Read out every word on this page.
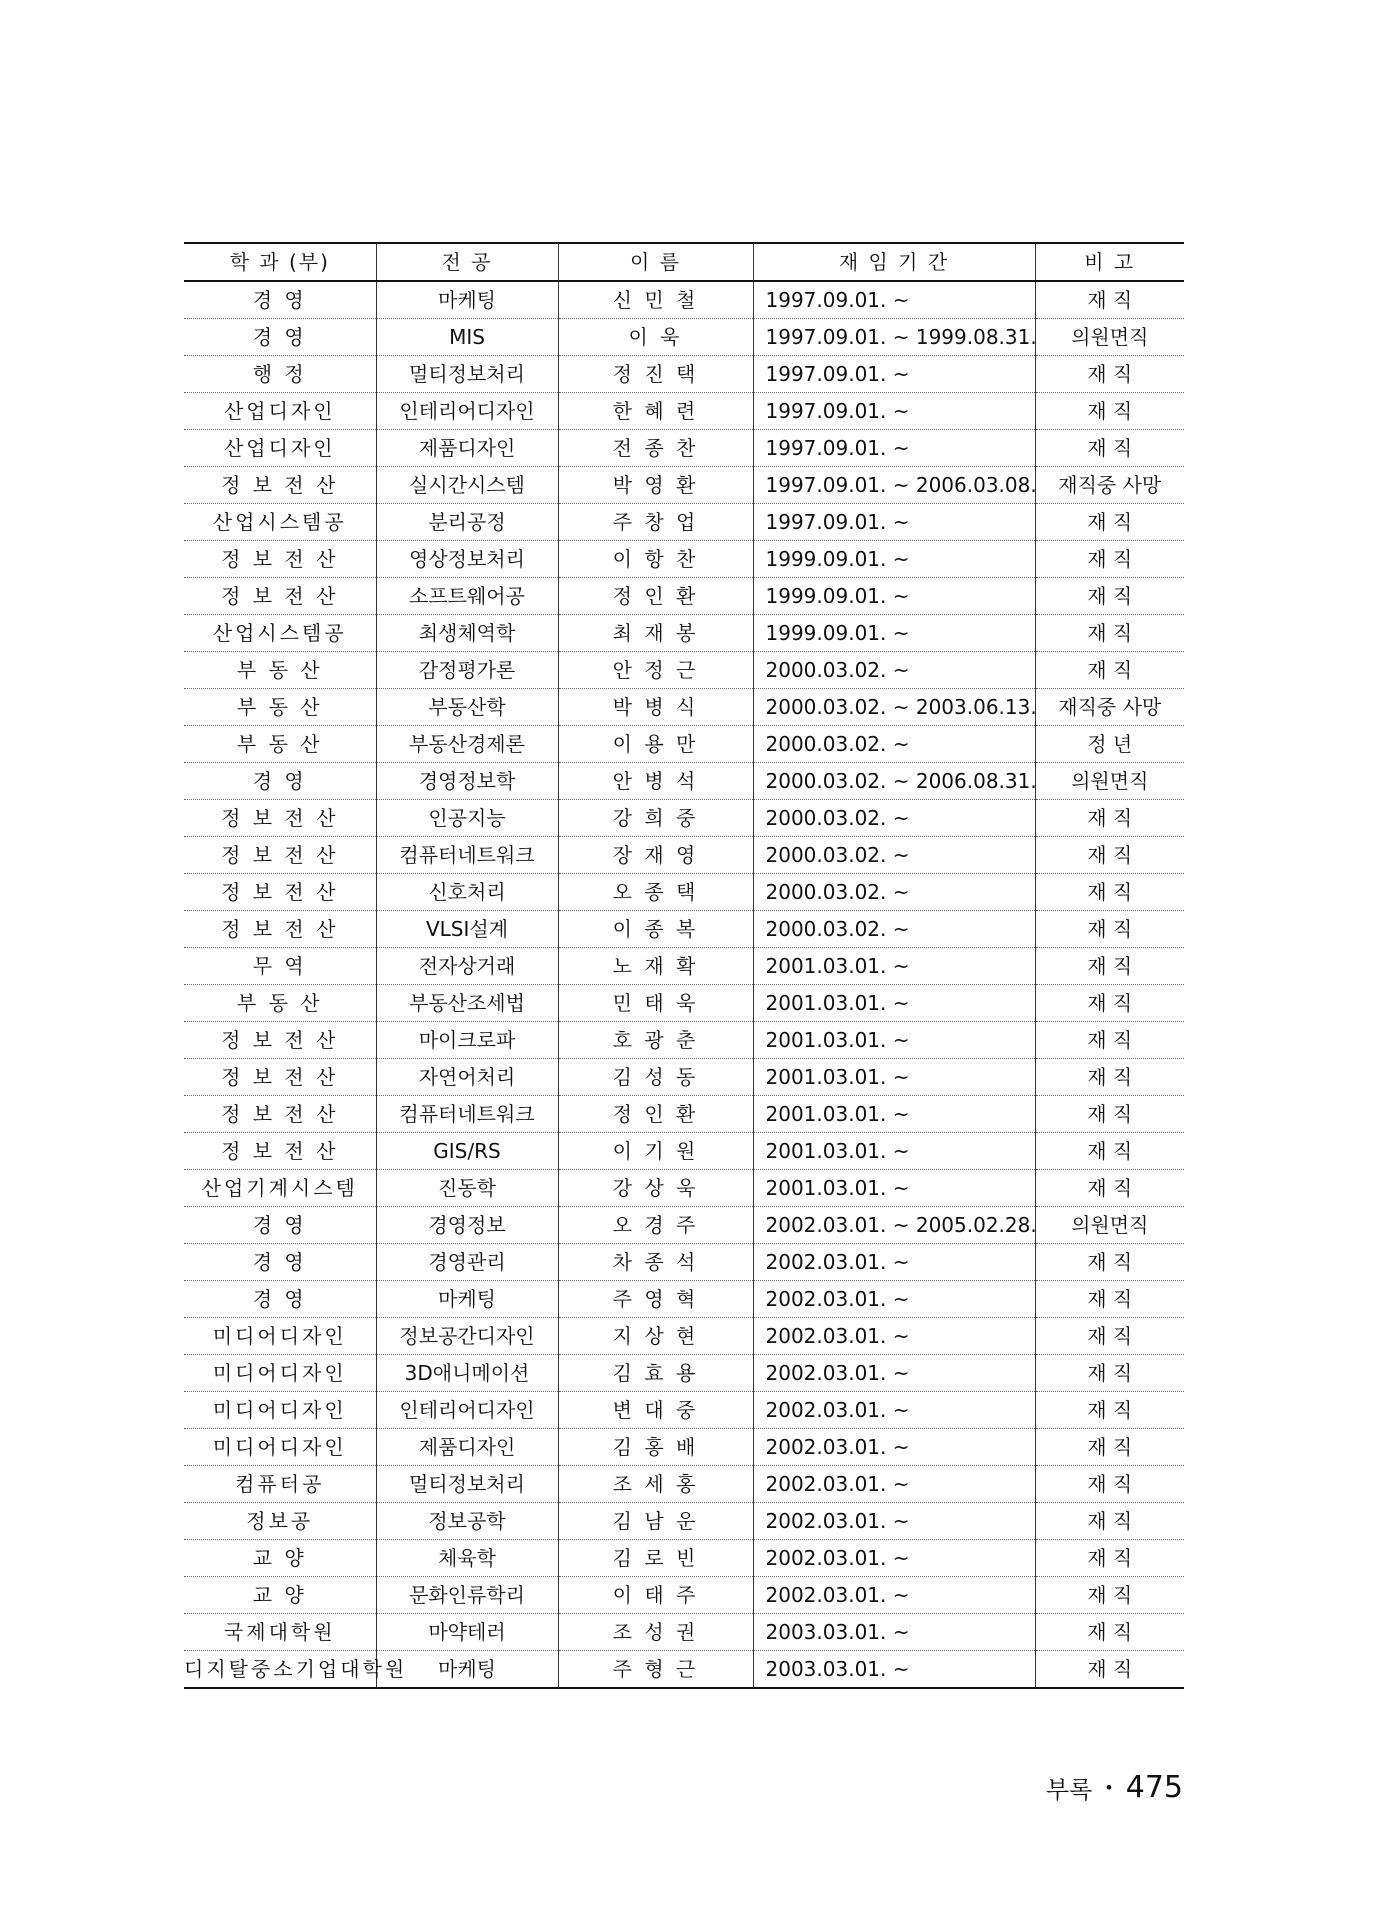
학 과 (부)	전 공	이 름	재 임 기 간	비 고
경 영	마케팅	신 민 철	1997.09.01. ~	재 직
경 영	MIS	이 욱	1997.09.01. ~ 1999.08.31.	의원면직
행 정	멀티정보처리	정 진 택	1997.09.01. ~	재 직
산업디자인	인테리어디자인	한 혜 련	1997.09.01. ~	재 직
산업디자인	제품디자인	전 종 찬	1997.09.01. ~	재 직
정 보 전 산	실시간시스템	박 영 환	1997.09.01. ~ 2006.03.08.	재직중 사망
산업시스템공	분리공정	주 창 업	1997.09.01. ~	재 직
정 보 전 산	영상정보처리	이 항 찬	1999.09.01. ~	재 직
정 보 전 산	소프트웨어공	정 인 환	1999.09.01. ~	재 직
산업시스템공	최생체역학	최 재 봉	1999.09.01. ~	재 직
부 동 산	감정평가론	안 정 근	2000.03.02. ~	재 직
부 동 산	부동산학	박 병 식	2000.03.02. ~ 2003.06.13.	재직중 사망
부 동 산	부동산경제론	이 용 만	2000.03.02. ~	정 년
경 영	경영정보학	안 병 석	2000.03.02. ~ 2006.08.31.	의원면직
정 보 전 산	인공지능	강 희 중	2000.03.02. ~	재 직
정 보 전 산	컴퓨터네트워크	장 재 영	2000.03.02. ~	재 직
정 보 전 산	신호처리	오 종 택	2000.03.02. ~	재 직
정 보 전 산	VLSI설계	이 종 복	2000.03.02. ~	재 직
무 역	전자상거래	노 재 확	2001.03.01. ~	재 직
부 동 산	부동산조세법	민 태 욱	2001.03.01. ~	재 직
정 보 전 산	마이크로파	호 광 춘	2001.03.01. ~	재 직
정 보 전 산	자연어처리	김 성 동	2001.03.01. ~	재 직
정 보 전 산	컴퓨터네트워크	정 인 환	2001.03.01. ~	재 직
정 보 전 산	GIS/RS	이 기 원	2001.03.01. ~	재 직
산업기계시스템	진동학	강 상 욱	2001.03.01. ~	재 직
경 영	경영정보	오 경 주	2002.03.01. ~ 2005.02.28.	의원면직
경 영	경영관리	차 종 석	2002.03.01. ~	재 직
경 영	마케팅	주 영 혁	2002.03.01. ~	재 직
미디어디자인	정보공간디자인	지 상 현	2002.03.01. ~	재 직
미디어디자인	3D애니메이션	김 효 용	2002.03.01. ~	재 직
미디어디자인	인테리어디자인	변 대 중	2002.03.01. ~	재 직
미디어디자인	제품디자인	김 홍 배	2002.03.01. ~	재 직
컴퓨터공	멀티정보처리	조 세 홍	2002.03.01. ~	재 직
정보공	정보공학	김 남 운	2002.03.01. ~	재 직
교 양	체육학	김 로 빈	2002.03.01. ~	재 직
교 양	문화인류학리	이 태 주	2002.03.01. ~	재 직
국제대학원	마약테러	조 성 권	2003.03.01. ~	재 직
디지탈중소기업대학원	마케팅	주 형 근	2003.03.01. ~	재 직
부록 • 475
